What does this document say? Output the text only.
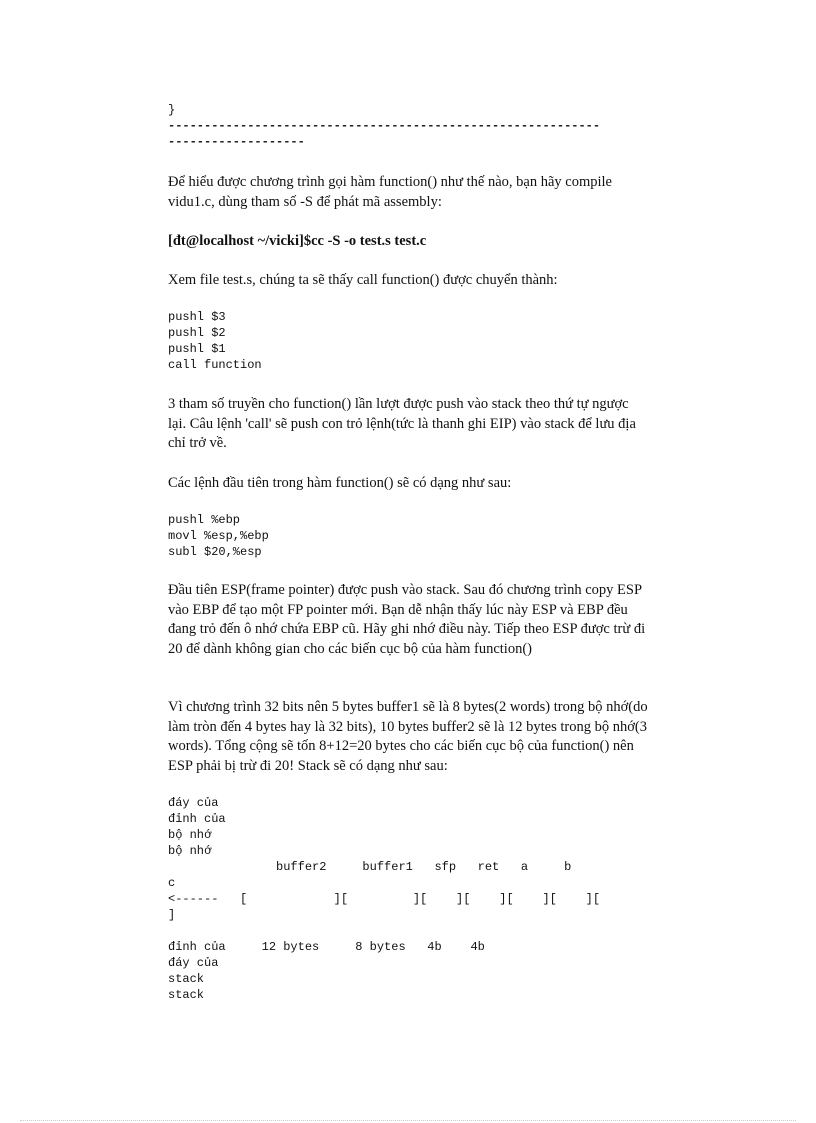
}
------------------------------------------------------------
-------------------

Để hiểu được chương trình gọi hàm function() như thế nào, bạn hãy compile vidu1.c, dùng tham số -S để phát mã assembly:

[đt@localhost ~/vicki]$cc -S -o test.s test.c

Xem file test.s, chúng ta sẽ thấy call function() được chuyển thành:

pushl $3
pushl $2
pushl $1
call function

3 tham số truyền cho function() lần lượt được push vào stack theo thứ tự ngược lại. Câu lệnh 'call' sẽ push con trỏ lệnh(tức là thanh ghi EIP) vào stack để lưu địa chỉ trở về.

Các lệnh đầu tiên trong hàm function() sẽ có dạng như sau:

pushl %ebp
movl %esp,%ebp
subl $20,%esp

Đầu tiên ESP(frame pointer) được push vào stack. Sau đó chương trình copy ESP vào EBP để tạo một FP pointer mới. Bạn dễ nhận thấy lúc này ESP và EBP đều đang trỏ đến ô nhớ chứa EBP cũ. Hãy ghi nhớ điều này. Tiếp theo ESP được trừ đi 20 để dành không gian cho các biến cục bộ của hàm function()

Vì chương trình 32 bits nên 5 bytes buffer1 sẽ là 8 bytes(2 words) trong bộ nhớ(do làm tròn đến 4 bytes hay là 32 bits), 10 bytes buffer2 sẽ là 12 bytes trong bộ nhớ(3 words). Tổng cộng sẽ tốn 8+12=20 bytes cho các biến cục bộ của function() nên ESP phải bị trừ đi 20! Stack sẽ có dạng như sau:

đáy của
đỉnh của
bộ nhớ
bộ nhớ
buffer2     buffer1   sfp   ret   a     b
c
<------   [            ][         ][    ][    ][    ][    ][
]
đỉnh của     12 bytes     8 bytes   4b    4b
đáy của
stack
stack
